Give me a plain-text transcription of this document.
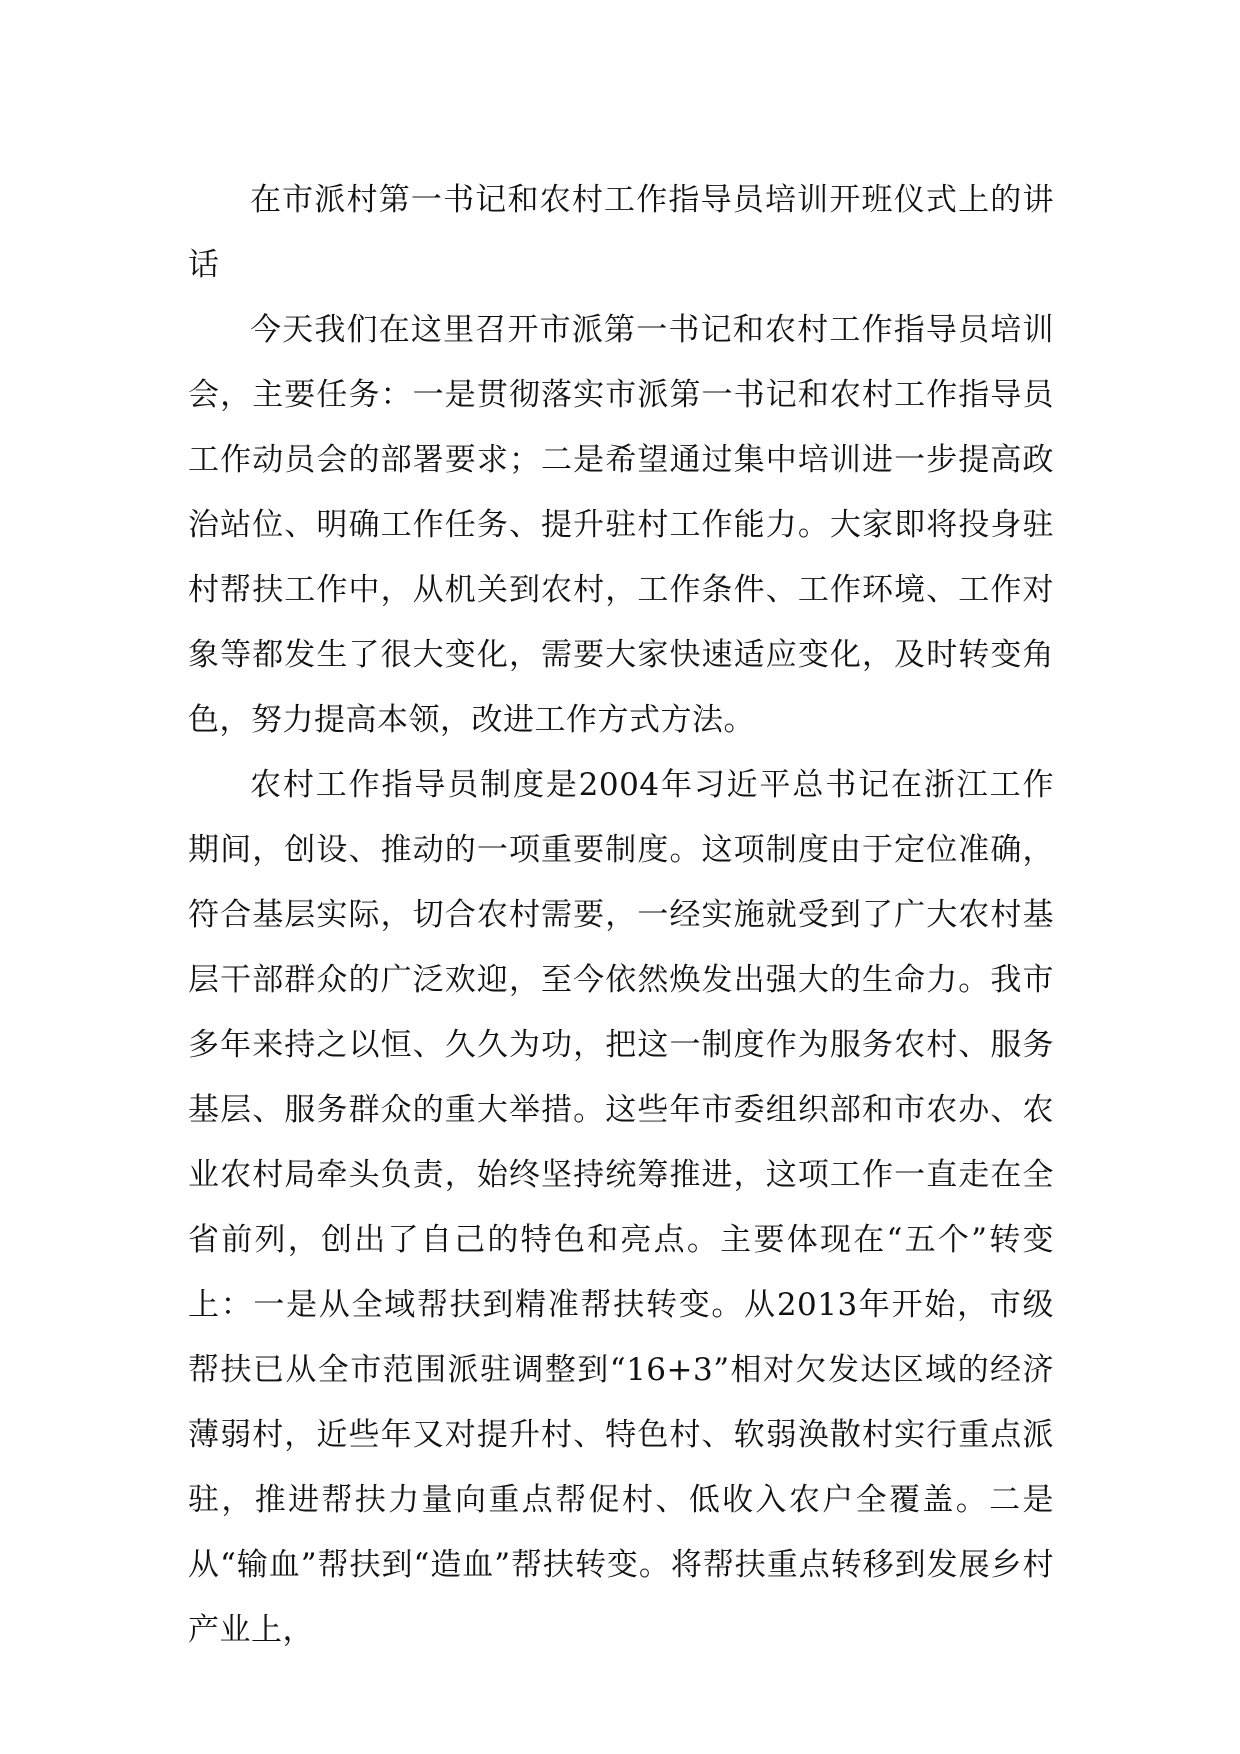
在市派村第一书记和农村工作指导员培训开班仪式上的讲话

今天我们在这里召开市派第一书记和农村工作指导员培训会，主要任务：一是贯彻落实市派第一书记和农村工作指导员工作动员会的部署要求；二是希望通过集中培训进一步提高政治站位、明确工作任务、提升驻村工作能力。大家即将投身驻村帮扶工作中，从机关到农村，工作条件、工作环境、工作对象等都发生了很大变化，需要大家快速适应变化，及时转变角色，努力提高本领，改进工作方式方法。

农村工作指导员制度是2004年习近平总书记在浙江工作期间，创设、推动的一项重要制度。这项制度由于定位准确，符合基层实际，切合农村需要，一经实施就受到了广大农村基层干部群众的广泛欢迎，至今依然焕发出强大的生命力。我市多年来持之以恒、久久为功，把这一制度作为服务农村、服务基层、服务群众的重大举措。这些年市委组织部和市农办、农业农村局牵头负责，始终坚持统筹推进，这项工作一直走在全省前列，创出了自己的特色和亮点。主要体现在“五个”转变上：一是从全域帮扶到精准帮扶转变。从2013年开始，市级帮扶已从全市范围派驻调整到“16+3”相对欠发达区域的经济薄弱村，近些年又对提升村、特色村、软弱涣散村实行重点派驻，推进帮扶力量向重点帮促村、低收入农户全覆盖。二是从“输血”帮扶到“造血”帮扶转变。将帮扶重点转移到发展乡村产业上，
